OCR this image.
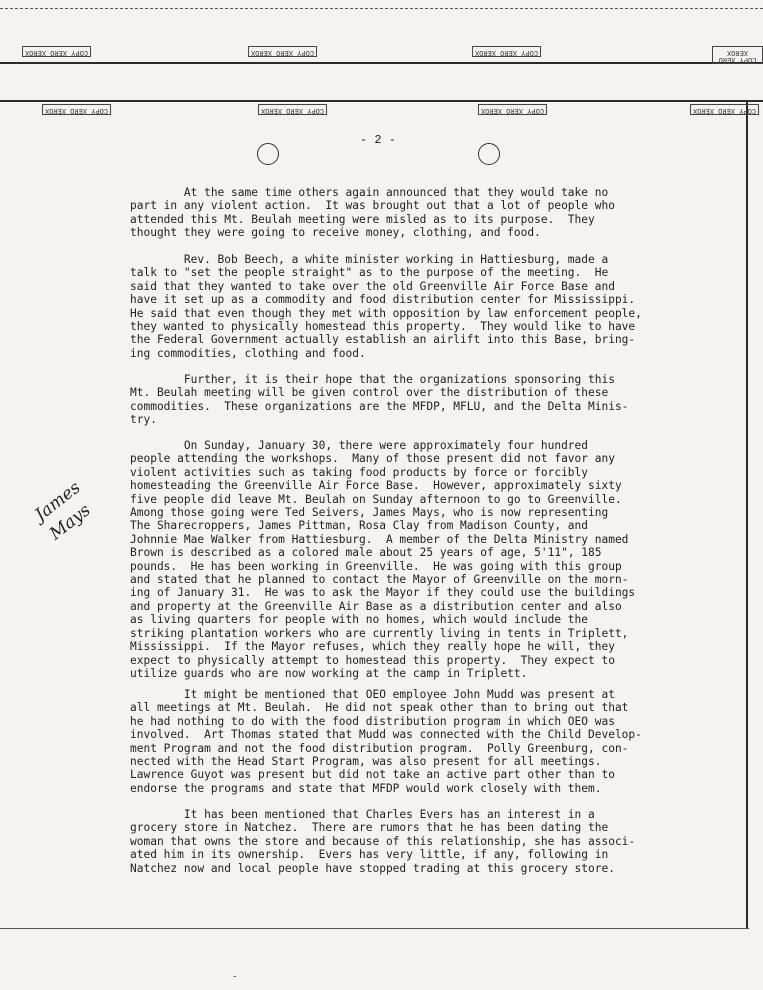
COPY XERO XEROX	COPY XERO XEROX	COPY XERO XEROX
COPY XERO XEROX
COPY XERO XEROX	COPY XERO XEROX	COPY XERO XEROX	COPY XERO XEROX
- 2 -
At the same time others again announced that they would take no
part in any violent action.  It was brought out that a lot of people who
attended this Mt. Beulah meeting were misled as to its purpose.  They
thought they were going to receive money, clothing, and food.
Rev. Bob Beech, a white minister working in Hattiesburg, made a
talk to "set the people straight" as to the purpose of the meeting.  He
said that they wanted to take over the old Greenville Air Force Base and
have it set up as a commodity and food distribution center for Mississippi.
He said that even though they met with opposition by law enforcement people,
they wanted to physically homestead this property.  They would like to have
the Federal Government actually establish an airlift into this Base, bring-
ing commodities, clothing and food.
Further, it is their hope that the organizations sponsoring this
Mt. Beulah meeting will be given control over the distribution of these
commodities.  These organizations are the MFDP, MFLU, and the Delta Minis-
try.
On Sunday, January 30, there were approximately four hundred
people attending the workshops.  Many of those present did not favor any
violent activities such as taking food products by force or forcibly
homesteading the Greenville Air Force Base.  However, approximately sixty
five people did leave Mt. Beulah on Sunday afternoon to go to Greenville.
Among those going were Ted Seivers, James Mays, who is now representing
The Sharecroppers, James Pittman, Rosa Clay from Madison County, and
Johnnie Mae Walker from Hattiesburg.  A member of the Delta Ministry named
Brown is described as a colored male about 25 years of age, 5'11", 185
pounds.  He has been working in Greenville.  He was going with this group
and stated that he planned to contact the Mayor of Greenville on the morn-
ing of January 31.  He was to ask the Mayor if they could use the buildings
and property at the Greenville Air Base as a distribution center and also
as living quarters for people with no homes, which would include the
striking plantation workers who are currently living in tents in Triplett,
Mississippi.  If the Mayor refuses, which they really hope he will, they
expect to physically attempt to homestead this property.  They expect to
utilize guards who are now working at the camp in Triplett.
It might be mentioned that OEO employee John Mudd was present at
all meetings at Mt. Beulah.  He did not speak other than to bring out that
he had nothing to do with the food distribution program in which OEO was
involved.  Art Thomas stated that Mudd was connected with the Child Develop-
ment Program and not the food distribution program.  Polly Greenburg, con-
nected with the Head Start Program, was also present for all meetings.
Lawrence Guyot was present but did not take an active part other than to
endorse the programs and state that MFDP would work closely with them.
It has been mentioned that Charles Evers has an interest in a
grocery store in Natchez.  There are rumors that he has been dating the
woman that owns the store and because of this relationship, she has associ-
ated him in its ownership.  Evers has very little, if any, following in
Natchez now and local people have stopped trading at this grocery store.
James
Mays
-
